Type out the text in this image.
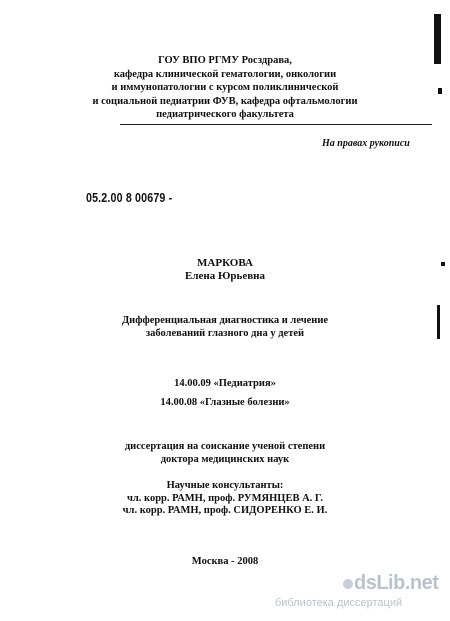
ГОУ ВПО РГМУ Росздрава,
кафедра клинической гематологии, онкологии
и иммунопатологии с курсом поликлинической
и социальной педиатрии ФУВ, кафедра офтальмологии
педиатрического факультета
На правах рукописи
05.2.00 8 00679 -
МАРКОВА
Елена Юрьевна
Дифференциальная диагностика и лечение
заболеваний глазного дна у детей
14.00.09 «Педиатрия»
14.00.08 «Глазные болезни»
диссертация на соискание ученой степени
доктора медицинских наук
Научные консультанты:
чл. корр. РАМН, проф. РУМЯНЦЕВ А. Г.
чл. корр. РАМН, проф. СИДОРЕНКО Е. И.
Москва - 2008
dsLib.net
библиотека диссертаций
